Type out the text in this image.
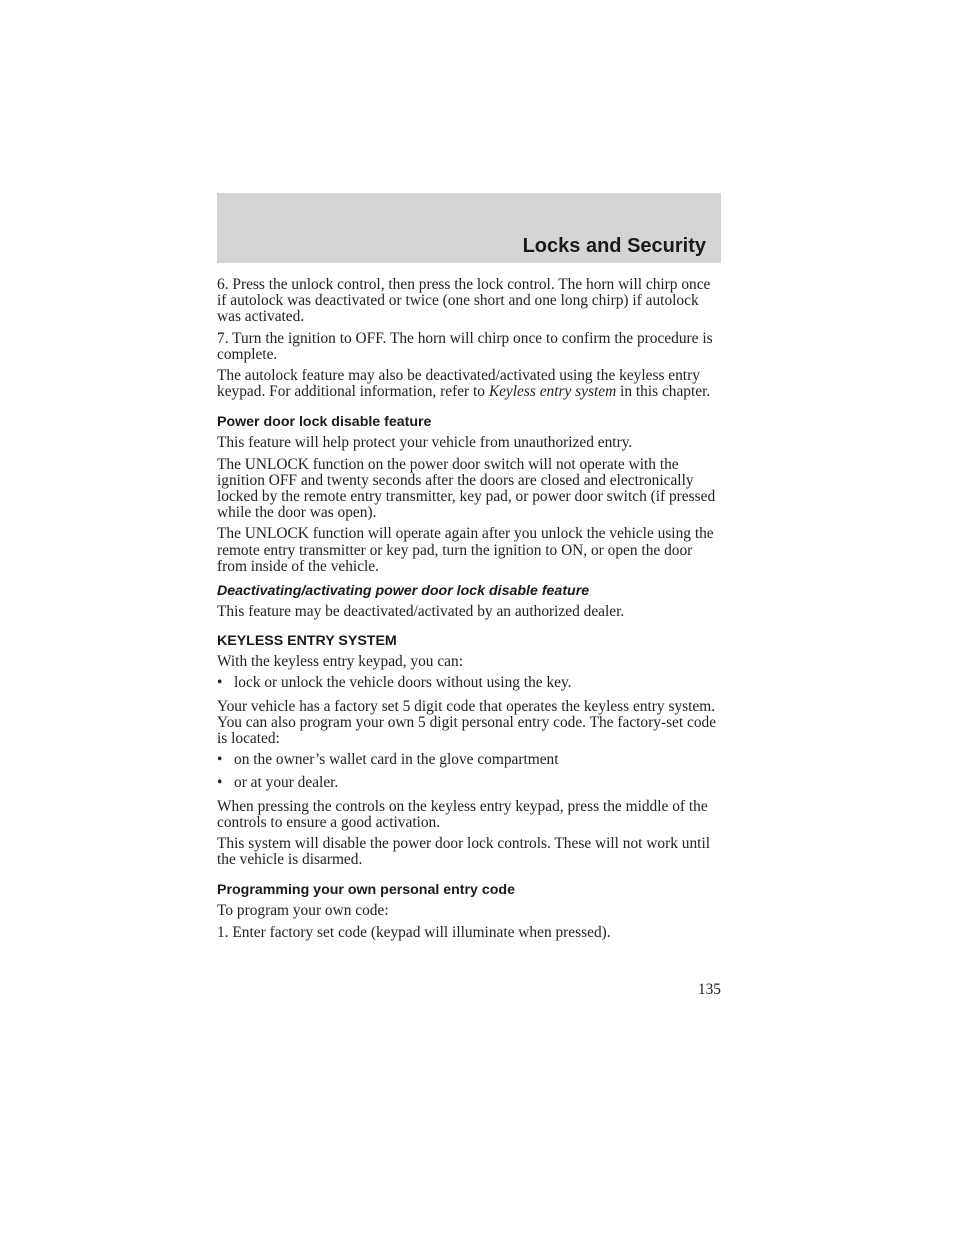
Locks and Security

6. Press the unlock control, then press the lock control. The horn will chirp once if autolock was deactivated or twice (one short and one long chirp) if autolock was activated.

7. Turn the ignition to OFF. The horn will chirp once to confirm the procedure is complete.

The autolock feature may also be deactivated/activated using the keyless entry keypad. For additional information, refer to Keyless entry system in this chapter.

Power door lock disable feature

This feature will help protect your vehicle from unauthorized entry.

The UNLOCK function on the power door switch will not operate with the ignition OFF and twenty seconds after the doors are closed and electronically locked by the remote entry transmitter, key pad, or power door switch (if pressed while the door was open).

The UNLOCK function will operate again after you unlock the vehicle using the remote entry transmitter or key pad, turn the ignition to ON, or open the door from inside of the vehicle.

Deactivating/activating power door lock disable feature

This feature may be deactivated/activated by an authorized dealer.

KEYLESS ENTRY SYSTEM

With the keyless entry keypad, you can:

• lock or unlock the vehicle doors without using the key.

Your vehicle has a factory set 5 digit code that operates the keyless entry system. You can also program your own 5 digit personal entry code. The factory-set code is located:

• on the owner’s wallet card in the glove compartment
• or at your dealer.

When pressing the controls on the keyless entry keypad, press the middle of the controls to ensure a good activation.

This system will disable the power door lock controls. These will not work until the vehicle is disarmed.

Programming your own personal entry code

To program your own code:

1. Enter factory set code (keypad will illuminate when pressed).

135
